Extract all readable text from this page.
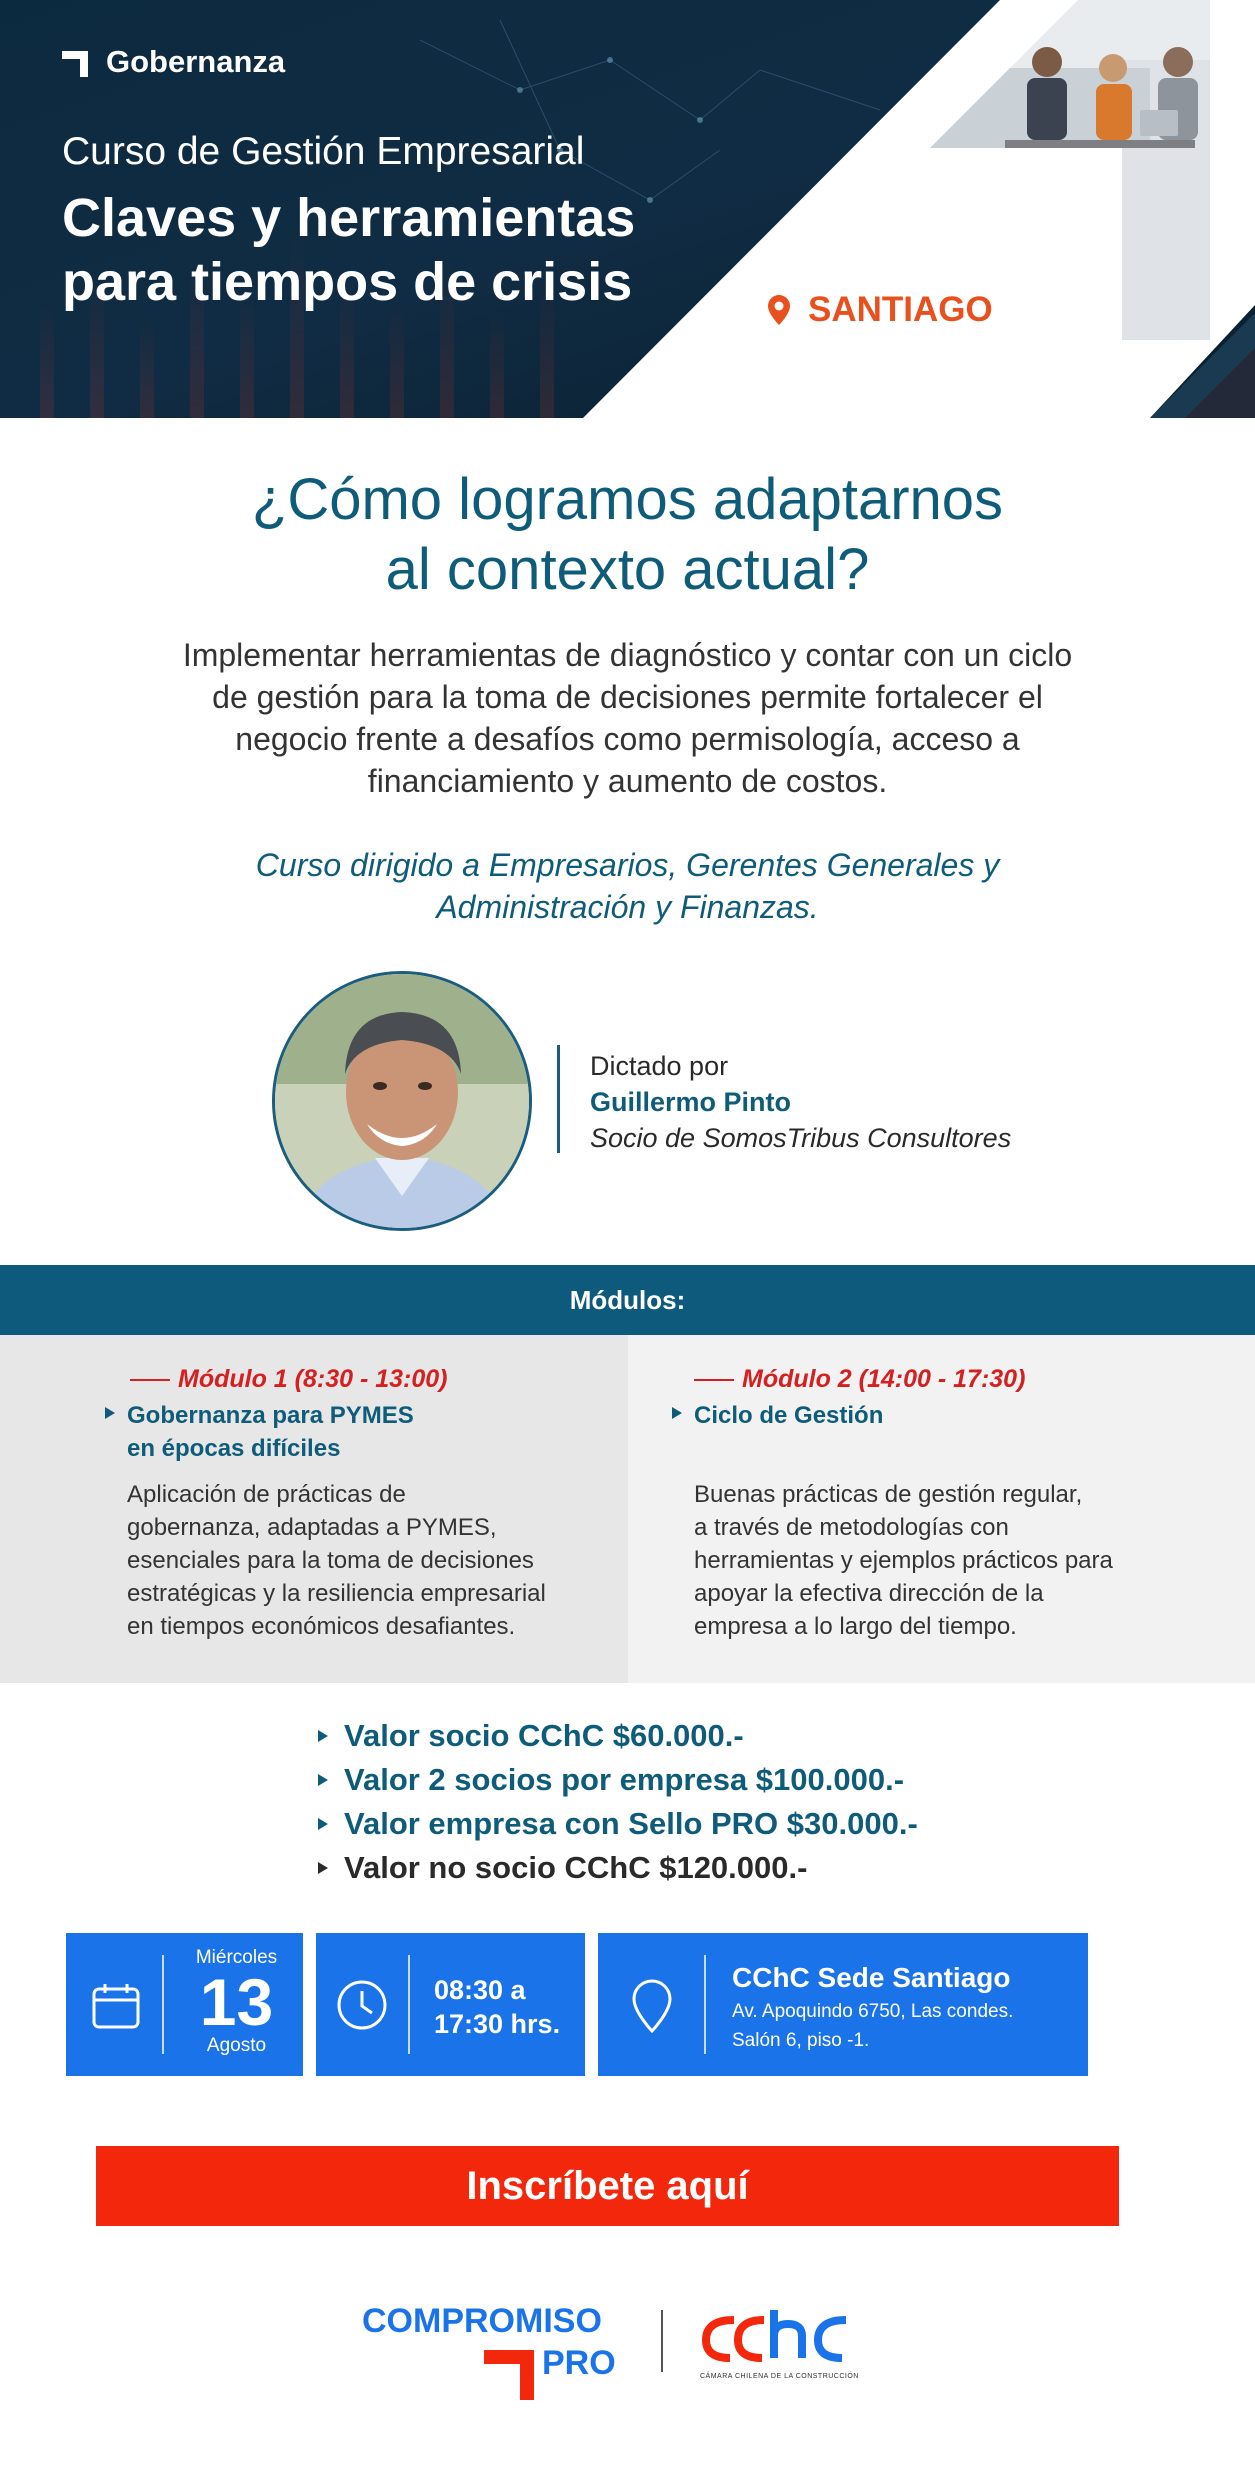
Gobernanza
Curso de Gestión Empresarial
Claves y herramientas
para tiempos de crisis	SANTIAGO
¿Cómo logramos adaptarnos
al contexto actual?
Implementar herramientas de diagnóstico y contar con un ciclo
de gestión para la toma de decisiones permite fortalecer el
negocio frente a desafíos como permisología, acceso a
financiamiento y aumento de costos.
Curso dirigido a Empresarios, Gerentes Generales y
Administración y Finanzas.
Dictado por
Guillermo Pinto
Socio de SomosTribus Consultores
Módulos:
Módulo 1 (8:30 - 13:00)
Gobernanza para PYMES
en épocas difíciles
Aplicación de prácticas de
gobernanza, adaptadas a PYMES,
esenciales para la toma de decisiones
estratégicas y la resiliencia empresarial
en tiempos económicos desafiantes.
Módulo 2 (14:00 - 17:30)
Ciclo de Gestión
Buenas prácticas de gestión regular,
a través de metodologías con
herramientas y ejemplos prácticos para
apoyar la efectiva dirección de la
empresa a lo largo del tiempo.
Valor socio CChC $60.000.-
Valor 2 socios por empresa $100.000.-
Valor empresa con Sello PRO $30.000.-
Valor no socio CChC $120.000.-
Miércoles
13
Agosto
08:30 a
17:30 hrs.
CChC Sede Santiago
Av. Apoquindo 6750, Las condes.
Salón 6, piso -1.
Inscríbete aquí
COMPROMISO
PRO	CÁMARA CHILENA DE LA CONSTRUCCIÓN
